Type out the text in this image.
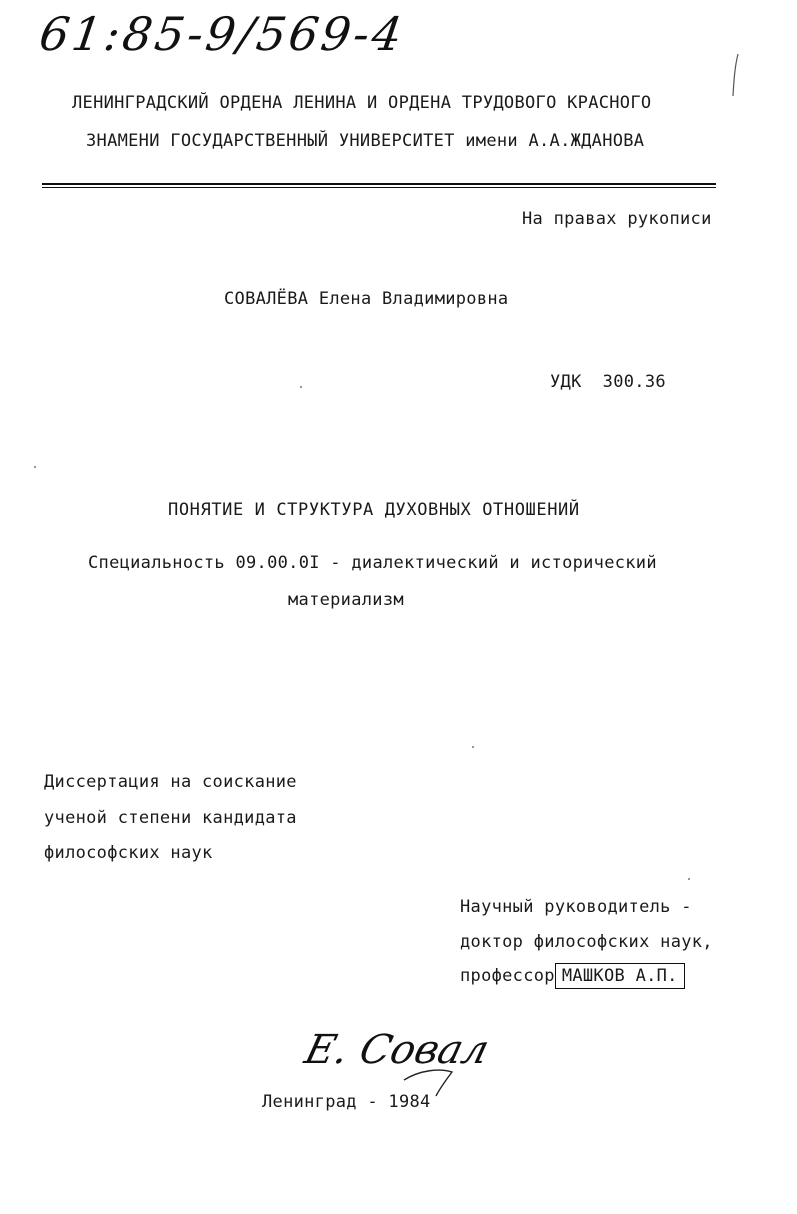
61:85-9/569-4
ЛЕНИНГРАДСКИЙ ОРДЕНА ЛЕНИНА И ОРДЕНА ТРУДОВОГО КРАСНОГО
ЗНАМЕНИ ГОСУДАРСТВЕННЫЙ УНИВЕРСИТЕТ имени А.А.ЖДАНОВА
На правах рукописи
СОВАЛЁВА Елена Владимировна
УДК  300.36
ПОНЯТИЕ И СТРУКТУРА ДУХОВНЫХ ОТНОШЕНИЙ
Специальность 09.00.0I - диалектический и исторический
материализм
Диссертация на соискание
ученой степени кандидата
философских наук
Научный руководитель -
доктор философских наук,
профессор МАШКОВ А.П.
Е. Совал
Ленинград - 1984
